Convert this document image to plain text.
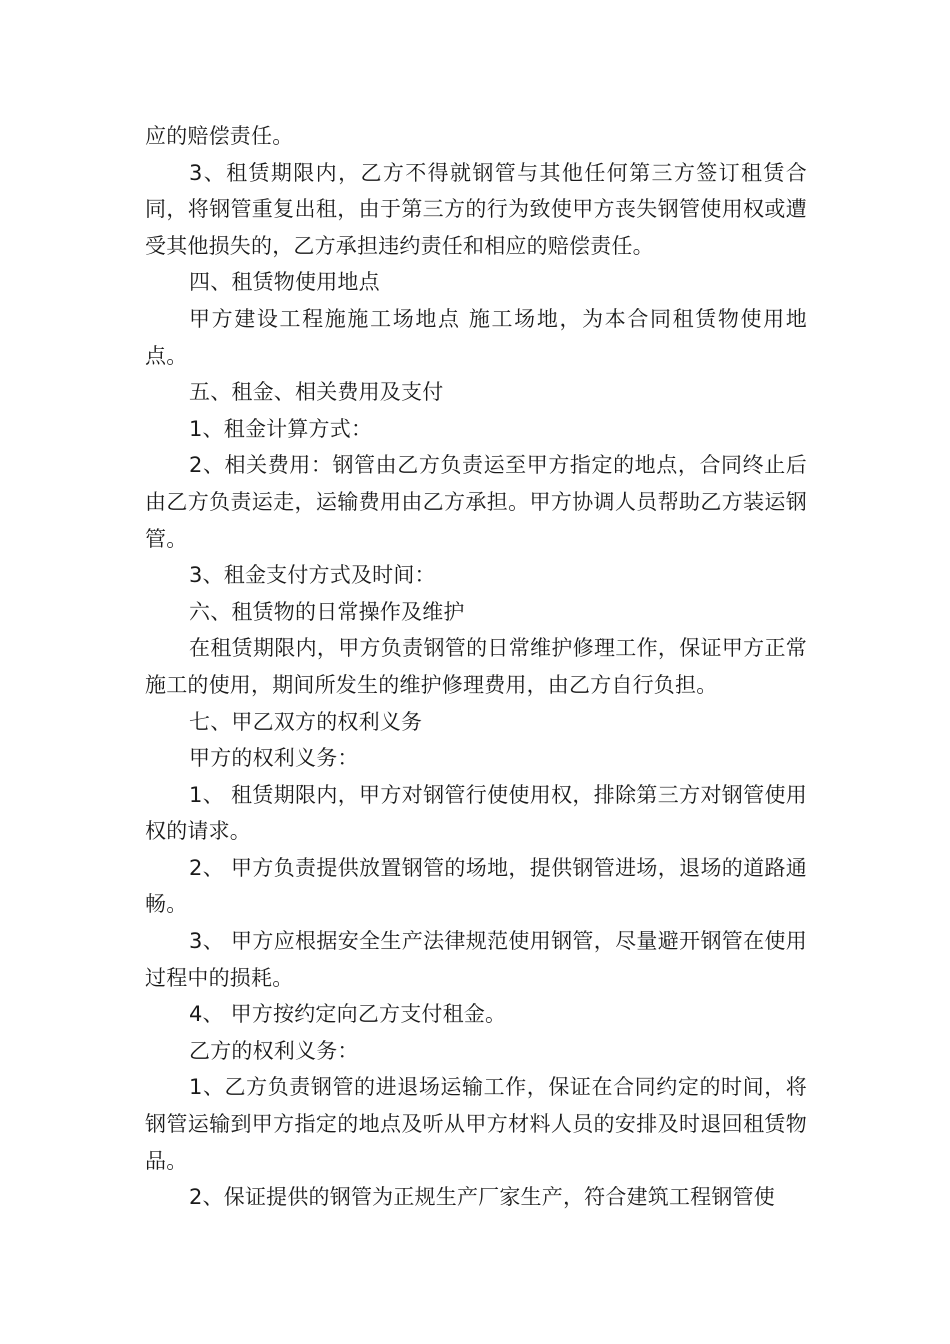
应的赔偿责任。

3、租赁期限内，乙方不得就钢管与其他任何第三方签订租赁合同，将钢管重复出租，由于第三方的行为致使甲方丧失钢管使用权或遭受其他损失的，乙方承担违约责任和相应的赔偿责任。

四、租赁物使用地点

甲方建设工程施施工场地点 施工场地，为本合同租赁物使用地点。

五、租金、相关费用及支付

1、租金计算方式：

2、相关费用：钢管由乙方负责运至甲方指定的地点，合同终止后由乙方负责运走，运输费用由乙方承担。甲方协调人员帮助乙方装运钢管。

3、租金支付方式及时间：

六、租赁物的日常操作及维护

在租赁期限内，甲方负责钢管的日常维护修理工作，保证甲方正常施工的使用，期间所发生的维护修理费用，由乙方自行负担。

七、甲乙双方的权利义务

甲方的权利义务：

1、 租赁期限内，甲方对钢管行使使用权，排除第三方对钢管使用权的请求。

2、 甲方负责提供放置钢管的场地，提供钢管进场，退场的道路通畅。

3、 甲方应根据安全生产法律规范使用钢管，尽量避开钢管在使用过程中的损耗。

4、 甲方按约定向乙方支付租金。

乙方的权利义务：

1、乙方负责钢管的进退场运输工作，保证在合同约定的时间，将钢管运输到甲方指定的地点及听从甲方材料人员的安排及时退回租赁物品。

2、保证提供的钢管为正规生产厂家生产，符合建筑工程钢管使
